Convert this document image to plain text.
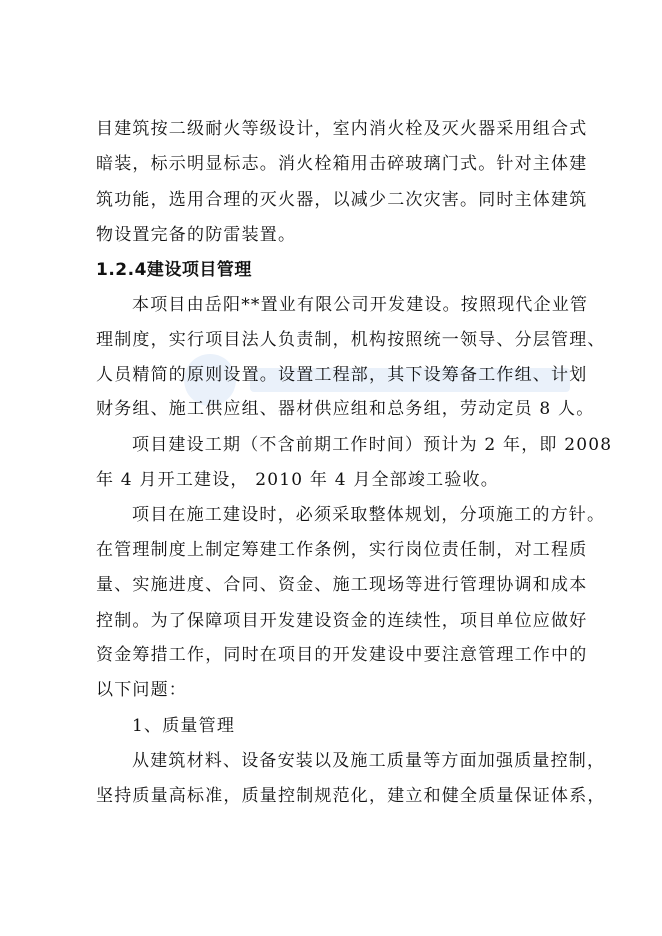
目建筑按二级耐火等级设计，室内消火栓及灭火器采用组合式
暗装，标示明显标志。消火栓箱用击碎玻璃门式。针对主体建
筑功能，选用合理的灭火器，以减少二次灾害。同时主体建筑
物设置完备的防雷装置。
1.2.4建设项目管理
本项目由岳阳**置业有限公司开发建设。按照现代企业管
理制度，实行项目法人负责制，机构按照统一领导、分层管理、
人员精简的原则设置。设置工程部，其下设筹备工作组、计划
财务组、施工供应组、器材供应组和总务组，劳动定员 8 人。
项目建设工期（不含前期工作时间）预计为 2 年，即 2008
年 4 月开工建设， 2010 年 4 月全部竣工验收。
项目在施工建设时，必须采取整体规划，分项施工的方针。
在管理制度上制定筹建工作条例，实行岗位责任制，对工程质
量、实施进度、合同、资金、施工现场等进行管理协调和成本
控制。为了保障项目开发建设资金的连续性，项目单位应做好
资金筹措工作，同时在项目的开发建设中要注意管理工作中的
以下问题：
1、质量管理
从建筑材料、设备安装以及施工质量等方面加强质量控制，
坚持质量高标准，质量控制规范化，建立和健全质量保证体系，
